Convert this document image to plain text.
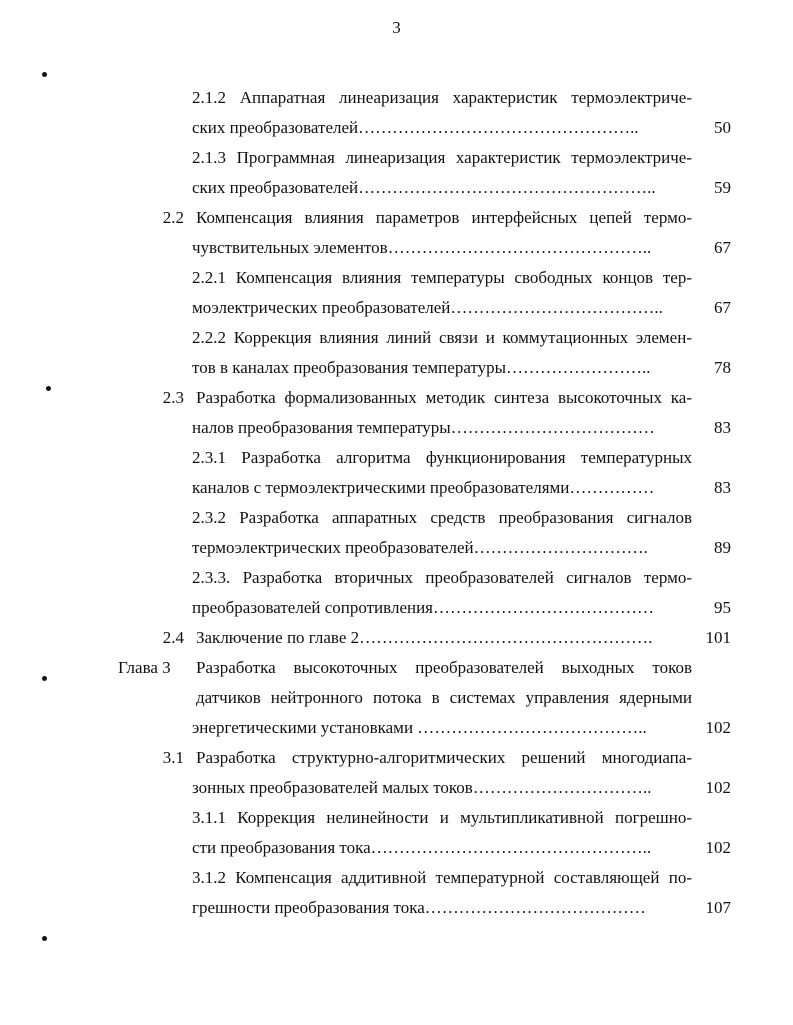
3
2.1.2 Аппаратная линеаризация характеристик термоэлектриче-
ских преобразователей…………………………………………..	50
2.1.3 Программная линеаризация характеристик термоэлектриче-
ских преобразователей……………………………………………..	59
2.2 Компенсация влияния параметров интерфейсных цепей термо-
чувствительных элементов………………………………………..	67
2.2.1 Компенсация влияния температуры свободных концов тер-
моэлектрических преобразователей………………………………..	67
2.2.2 Коррекция влияния линий связи и коммутационных элемен-
тов в каналах преобразования температуры……………………..	78
2.3 Разработка формализованных методик синтеза высокоточных ка-
налов преобразования температуры………………………………	83
2.3.1 Разработка алгоритма функционирования температурных
каналов с термоэлектрическими преобразователями……………	83
2.3.2 Разработка аппаратных средств преобразования сигналов
термоэлектрических преобразователей………………………….	89
2.3.3. Разработка вторичных преобразователей сигналов термо-
преобразователей сопротивления…………………………………	95
2.4 Заключение по главе 2…………………………………………….	101
Глава 3 Разработка высокоточных преобразователей выходных токов
датчиков нейтронного потока в системах управления ядерными
энергетическими установками …………………………………..	102
3.1 Разработка структурно-алгоритмических решений многодиапа-
зонных преобразователей малых токов…………………………..	102
3.1.1 Коррекция нелинейности и мультипликативной погрешно-
сти преобразования тока…………………………………………..	102
3.1.2 Компенсация аддитивной температурной составляющей по-
грешности преобразования тока…………………………………	107
